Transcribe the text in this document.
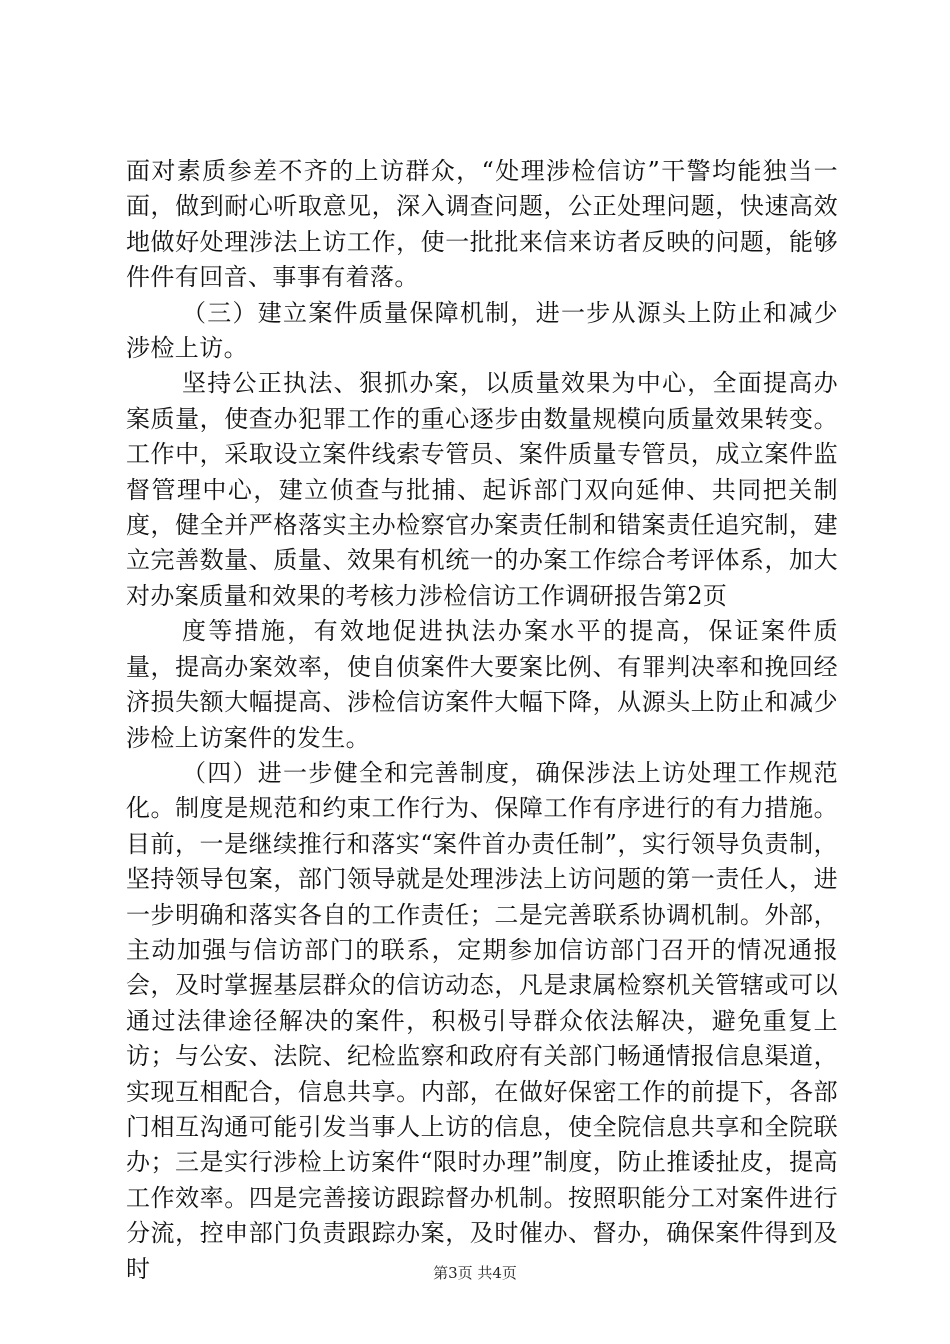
面对素质参差不齐的上访群众，“处理涉检信访”干警均能独当一面，做到耐心听取意见，深入调查问题，公正处理问题，快速高效地做好处理涉法上访工作，使一批批来信来访者反映的问题，能够件件有回音、事事有着落。

（三）建立案件质量保障机制，进一步从源头上防止和减少涉检上访。

坚持公正执法、狠抓办案，以质量效果为中心，全面提高办案质量，使查办犯罪工作的重心逐步由数量规模向质量效果转变。工作中，采取设立案件线索专管员、案件质量专管员，成立案件监督管理中心，建立侦查与批捕、起诉部门双向延伸、共同把关制度，健全并严格落实主办检察官办案责任制和错案责任追究制，建立完善数量、质量、效果有机统一的办案工作综合考评体系，加大对办案质量和效果的考核力涉检信访工作调研报告第2页

度等措施，有效地促进执法办案水平的提高，保证案件质量，提高办案效率，使自侦案件大要案比例、有罪判决率和挽回经济损失额大幅提高、涉检信访案件大幅下降，从源头上防止和减少涉检上访案件的发生。

（四）进一步健全和完善制度，确保涉法上访处理工作规范化。制度是规范和约束工作行为、保障工作有序进行的有力措施。目前，一是继续推行和落实“案件首办责任制”，实行领导负责制，坚持领导包案，部门领导就是处理涉法上访问题的第一责任人，进一步明确和落实各自的工作责任；二是完善联系协调机制。外部，主动加强与信访部门的联系，定期参加信访部门召开的情况通报会，及时掌握基层群众的信访动态，凡是隶属检察机关管辖或可以通过法律途径解决的案件，积极引导群众依法解决，避免重复上访；与公安、法院、纪检监察和政府有关部门畅通情报信息渠道，实现互相配合，信息共享。内部，在做好保密工作的前提下，各部门相互沟通可能引发当事人上访的信息，使全院信息共享和全院联办；三是实行涉检上访案件“限时办理”制度，防止推诿扯皮，提高工作效率。四是完善接访跟踪督办机制。按照职能分工对案件进行分流，控申部门负责跟踪办案，及时催办、督办，确保案件得到及时	第3页 共4页
